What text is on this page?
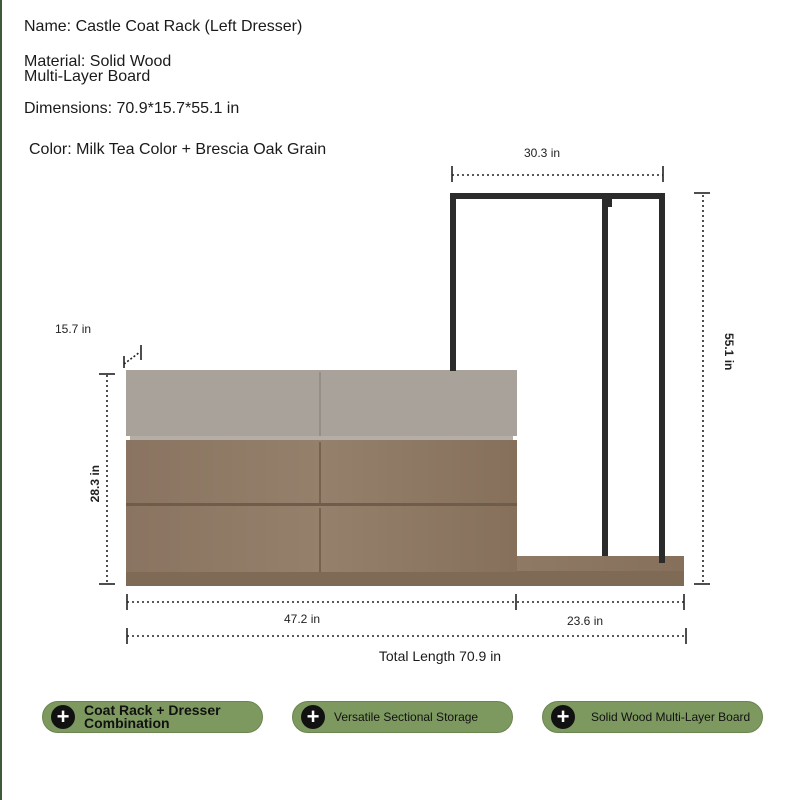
Name: Castle Coat Rack (Left Dresser)
Material: Solid Wood
Multi-Layer Board
Dimensions: 70.9*15.7*55.1 in
Color: Milk Tea Color + Brescia Oak Grain	30.3 in
15.7 in
55.1 in
28.3 in
47.2 in	23.6 in
Total Length 70.9 in
+	Coat Rack + Dresser
Combination	+	Versatile Sectional Storage	+	Solid Wood Multi-Layer Board
